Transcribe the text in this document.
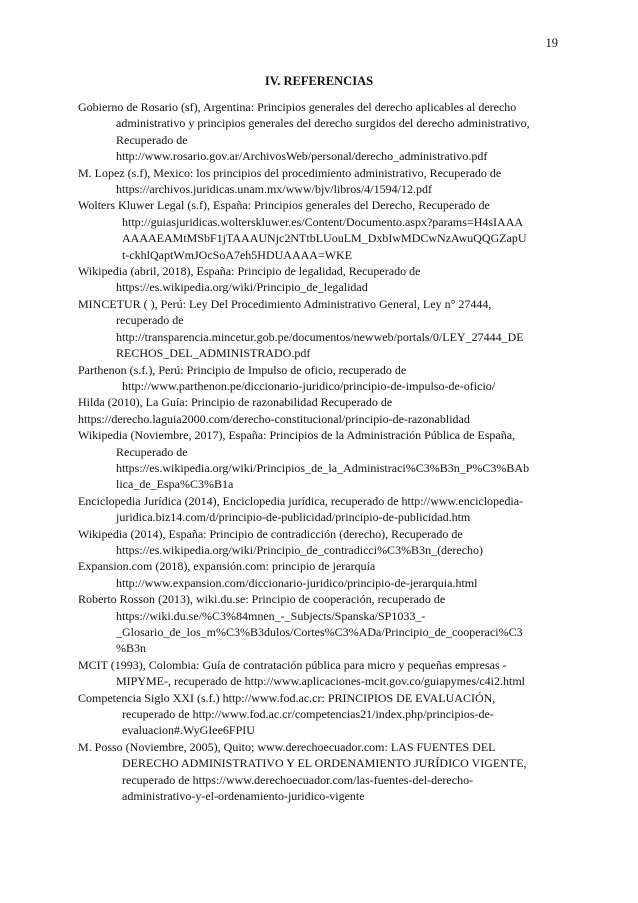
19
IV. REFERENCIAS
Gobierno de Rosario (sf), Argentina: Principios generales del derecho aplicables al derecho
administrativo y principios generales del derecho surgidos del derecho administrativo,
Recuperado de
http://www.rosario.gov.ar/ArchivosWeb/personal/derecho_administrativo.pdf
M. Lopez (s.f), Mexico: los principios del procedimiento administrativo, Recuperado de
https://archivos.juridicas.unam.mx/www/bjv/libros/4/1594/12.pdf
Wolters Kluwer Legal (s.f), España: Principios generales del Derecho, Recuperado de
http://guiasjuridicas.wolterskluwer.es/Content/Documento.aspx?params=H4sIAAA
AAAAEAMtMSbF1jTAAAUNjc2NTtbLUouLM_DxbIwMDCwNzAwuQQGZapU
t-ckhlQaptWmJOcSoA7eh5HDUAAAA=WKE
Wikipedia (abril, 2018), España: Principio de legalidad, Recuperado de
https://es.wikipedia.org/wiki/Principio_de_legalidad
MINCETUR ( ), Perú: Ley Del Procedimiento Administrativo General, Ley n° 27444,
recuperado de
http://transparencia.mincetur.gob.pe/documentos/newweb/portals/0/LEY_27444_DE
RECHOS_DEL_ADMINISTRADO.pdf
Parthenon (s.f.), Perú: Principio de Impulso de oficio, recuperado de
http://www.parthenon.pe/diccionario-juridico/principio-de-impulso-de-oficio/
Hilda (2010), La Guía: Principio de razonabilidad Recuperado de
https://derecho.laguia2000.com/derecho-constitucional/principio-de-razonablidad
Wikipedia (Noviembre, 2017), España: Principios de la Administración Pública de España,
Recuperado de
https://es.wikipedia.org/wiki/Principios_de_la_Administraci%C3%B3n_P%C3%BAb
lica_de_Espa%C3%B1a
Enciclopedia Jurídica (2014), Enciclopedia jurídica, recuperado de http://www.enciclopedia-
juridica.biz14.com/d/principio-de-publicidad/principio-de-publicidad.htm
Wikipedia (2014), España: Principio de contradicción (derecho), Recuperado de
https://es.wikipedia.org/wiki/Principio_de_contradicci%C3%B3n_(derecho)
Expansion.com (2018), expansión.com: principio de jerarquía
http://www.expansion.com/diccionario-juridico/principio-de-jerarquia.html
Roberto Rosson (2013), wiki.du.se: Principio de cooperación, recuperado de
https://wiki.du.se/%C3%84mnen_-_Subjects/Spanska/SP1033_-
_Glosario_de_los_m%C3%B3dulos/Cortes%C3%ADa/Principio_de_cooperaci%C3
%B3n
MCIT (1993), Colombia: Guía de contratación pública para micro y pequeñas empresas -
MIPYME-, recuperado de http://www.aplicaciones-mcit.gov.co/guiapymes/c4i2.html
Competencia Siglo XXI (s.f.) http://www.fod.ac.cr: PRINCIPIOS DE EVALUACIÓN,
recuperado de http://www.fod.ac.cr/competencias21/index.php/principios-de-
evaluacion#.WyGIee6FPIU
M. Posso (Noviembre, 2005), Quito; www.derechoecuador.com: LAS FUENTES DEL
DERECHO ADMINISTRATIVO Y EL ORDENAMIENTO JURÍDICO VIGENTE,
recuperado de https://www.derechoecuador.com/las-fuentes-del-derecho-
administrativo-y-el-ordenamiento-juridico-vigente
